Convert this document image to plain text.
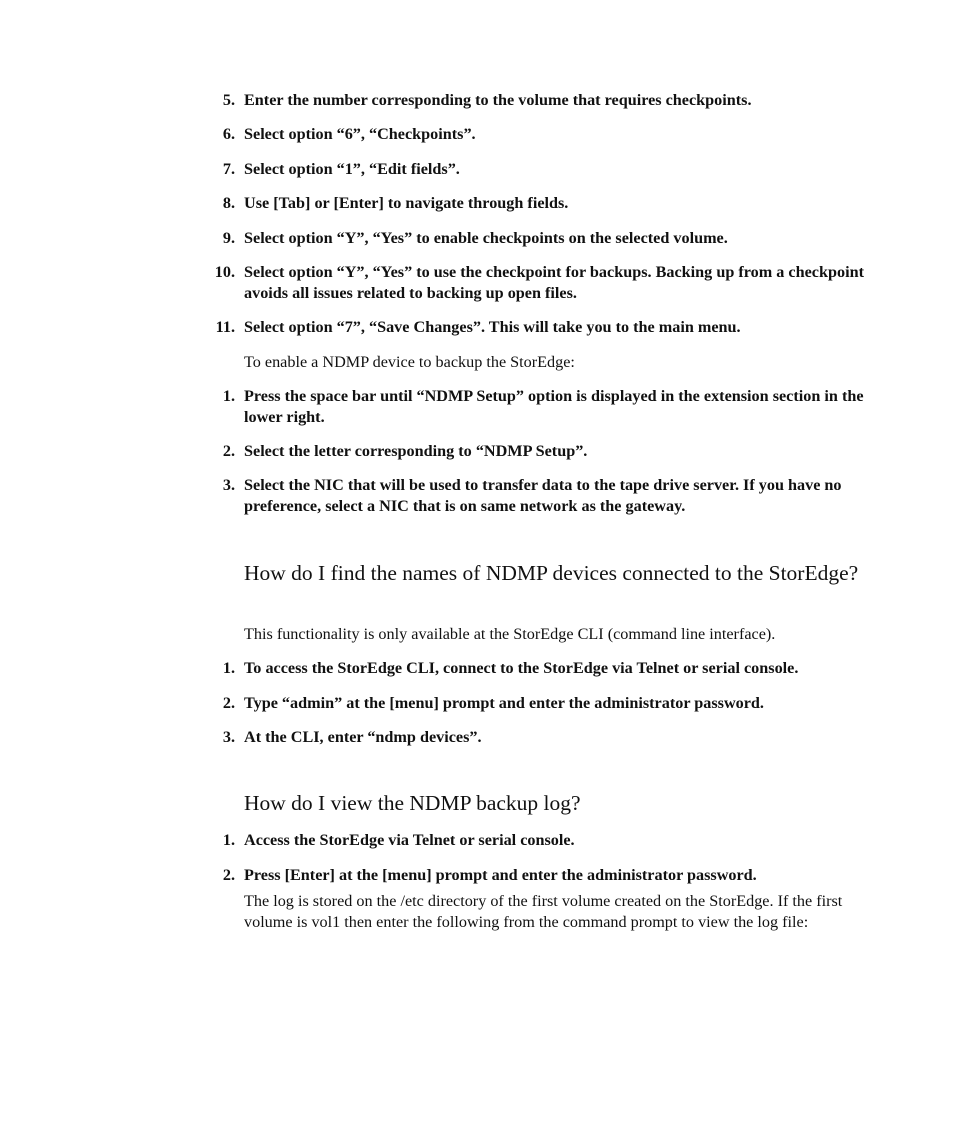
5. Enter the number corresponding to the volume that requires checkpoints.
6. Select option “6”, “Checkpoints”.
7. Select option “1”, “Edit fields”.
8. Use [Tab] or [Enter] to navigate through fields.
9. Select option “Y”, “Yes” to enable checkpoints on the selected volume.
10. Select option “Y”, “Yes” to use the checkpoint for backups. Backing up from a checkpoint avoids all issues related to backing up open files.
11. Select option “7”, “Save Changes”. This will take you to the main menu.
To enable a NDMP device to backup the StorEdge:
1. Press the space bar until “NDMP Setup” option is displayed in the extension section in the lower right.
2. Select the letter corresponding to “NDMP Setup”.
3. Select the NIC that will be used to transfer data to the tape drive server. If you have no preference, select a NIC that is on same network as the gateway.
How do I find the names of NDMP devices connected to the StorEdge?
This functionality is only available at the StorEdge CLI (command line interface).
1. To access the StorEdge CLI, connect to the StorEdge via Telnet or serial console.
2. Type “admin” at the [menu] prompt and enter the administrator password.
3. At the CLI, enter “ndmp devices”.
How do I view the NDMP backup log?
1. Access the StorEdge via Telnet or serial console.
2. Press [Enter] at the [menu] prompt and enter the administrator password.
The log is stored on the /etc directory of the first volume created on the StorEdge. If the first volume is vol1 then enter the following from the command prompt to view the log file:
